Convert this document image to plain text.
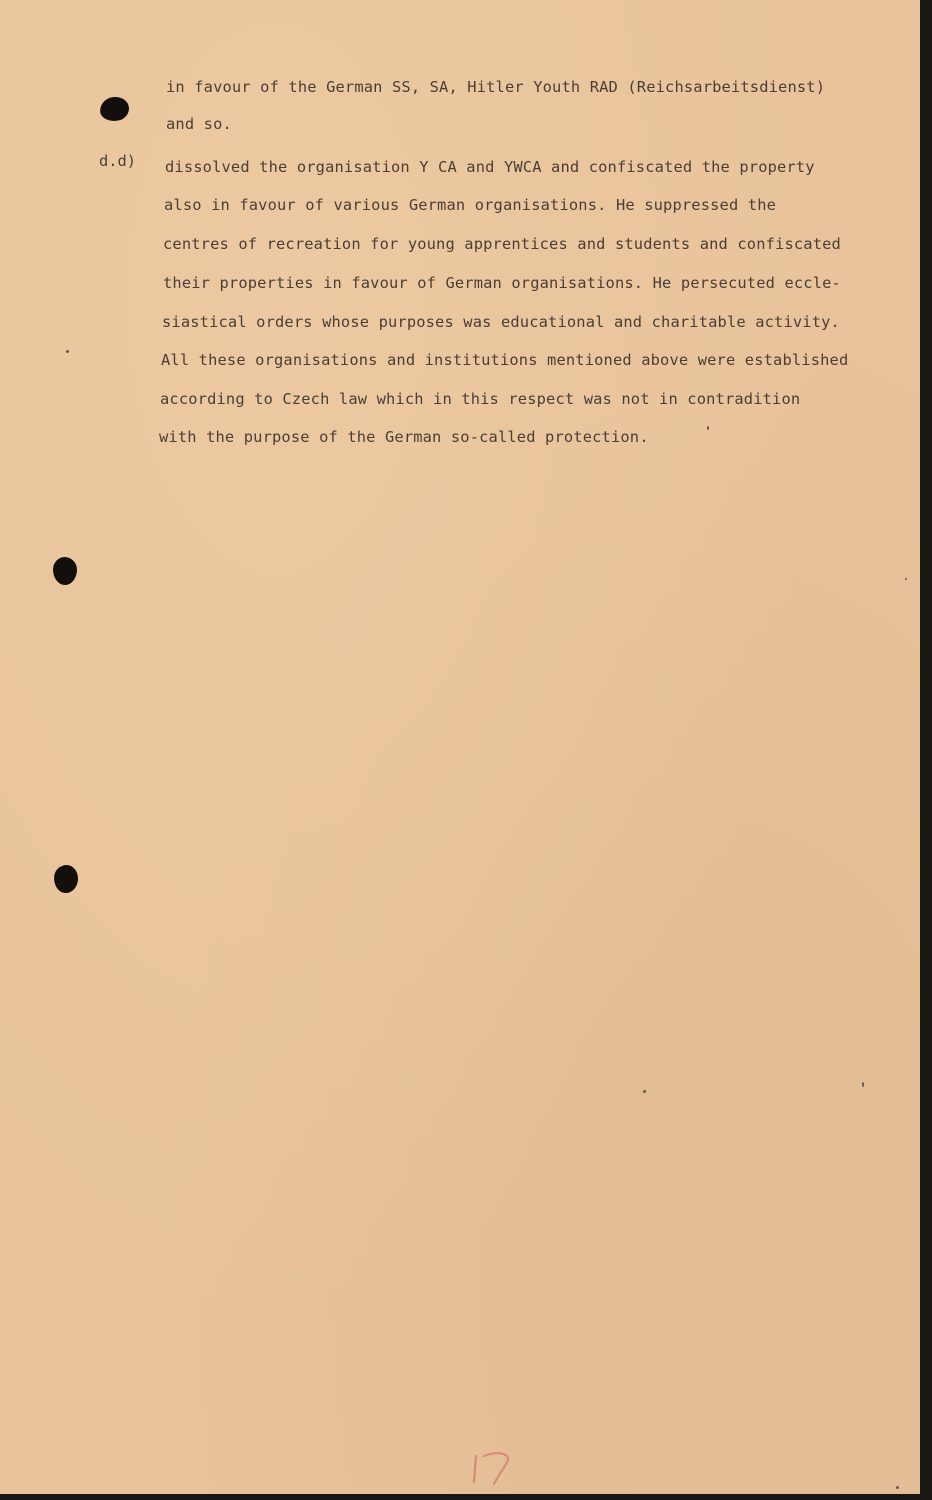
in favour of the German SS, SA, Hitler Youth RAD (Reichsarbeitsdienst)

and so.

d.d) dissolved the organisation Y CA and YWCA and confiscated the property

also in favour of various German organisations. He suppressed the

centres of recreation for young apprentices and students and confiscated

their properties in favour of German organisations. He persecuted eccle-

siastical orders whose purposes was educational and charitable activity.

All these organisations and institutions mentioned above were established

according to Czech law which in this respect was not in contradition

with the purpose of the German so-called protection.
